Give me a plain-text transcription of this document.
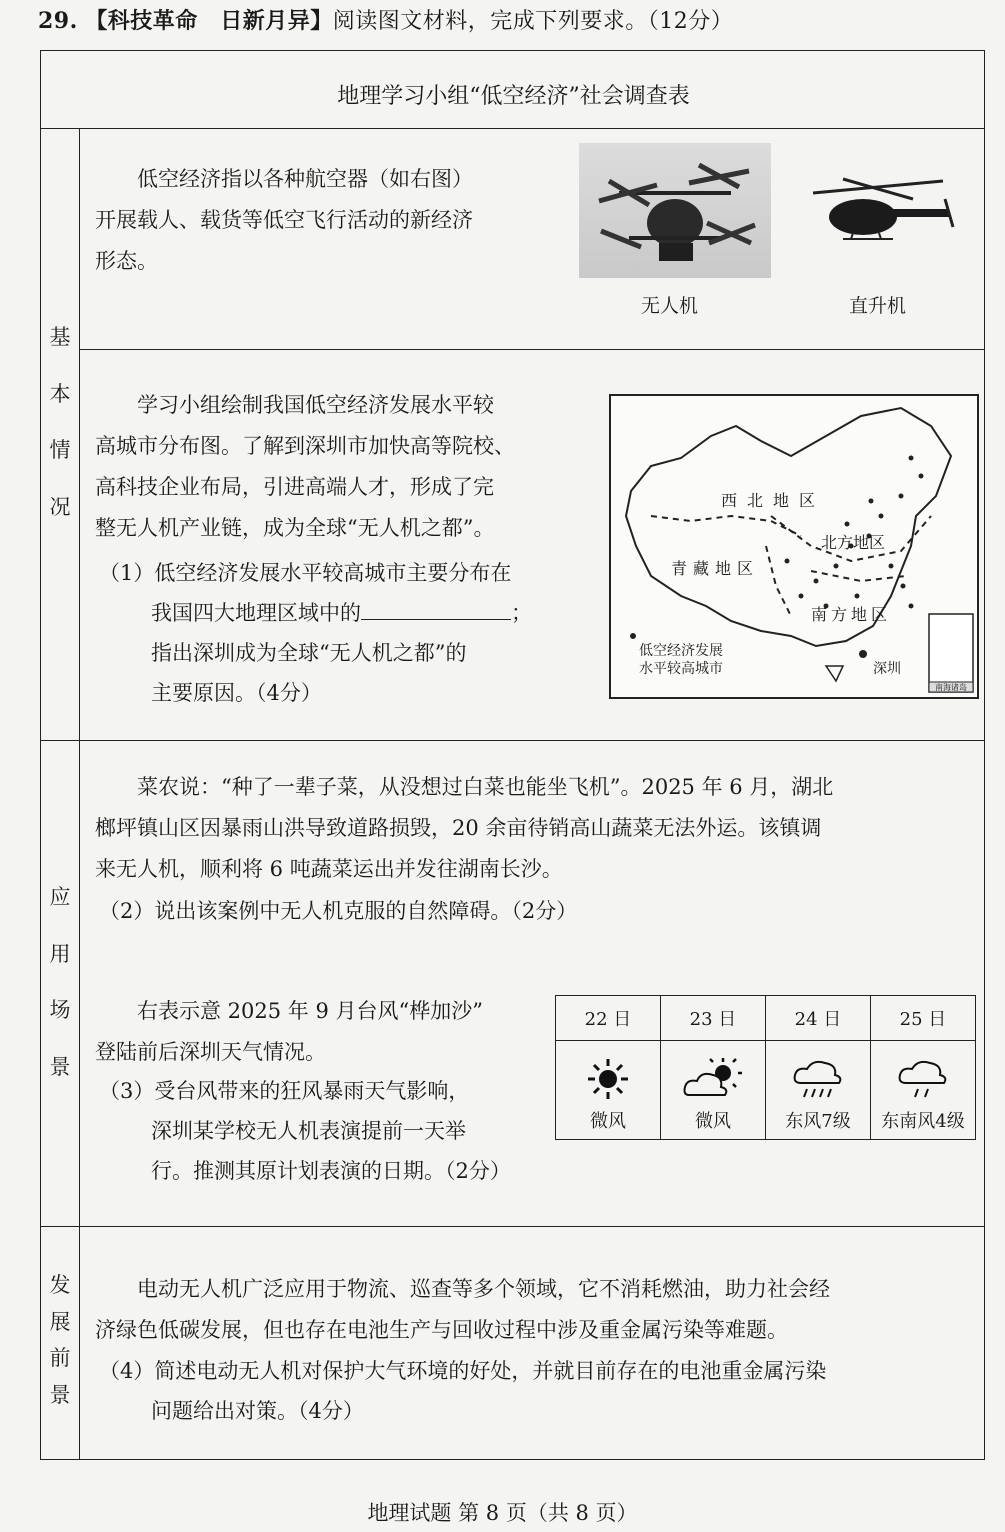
29. 【科技革命　日新月异】阅读图文材料，完成下列要求。（12分）
地理学习小组“低空经济”社会调查表
基
本
情
况
应
用
场
景
发
展
前
景
低空经济指以各种航空器（如右图）
开展载人、载货等低空飞行活动的新经济
形态。
无人机	直升机
学习小组绘制我国低空经济发展水平较
高城市分布图。了解到深圳市加快高等院校、
高科技企业布局，引进高端人才，形成了完
整无人机产业链，成为全球“无人机之都”。
（1）低空经济发展水平较高城市主要分布在
我国四大地理区域中的	；
指出深圳成为全球“无人机之都”的
主要原因。（4分）
西北地区
北方地区
青藏地区
南方地区
深圳
低空经济发展
水平较高城市
南海诸岛
菜农说：“种了一辈子菜，从没想过白菜也能坐飞机”。2025 年 6 月，湖北
榔坪镇山区因暴雨山洪导致道路损毁，20 余亩待销高山蔬菜无法外运。该镇调
来无人机，顺利将 6 吨蔬菜运出并发往湖南长沙。
（2）说出该案例中无人机克服的自然障碍。（2分）
右表示意 2025 年 9 月台风“桦加沙”
登陆前后深圳天气情况。
（3）受台风带来的狂风暴雨天气影响，
深圳某学校无人机表演提前一天举
行。推测其原计划表演的日期。（2分）
22 日	23 日	24 日	25 日

微风	微风	东风7级	东南风4级
电动无人机广泛应用于物流、巡查等多个领域，它不消耗燃油，助力社会经
济绿色低碳发展，但也存在电池生产与回收过程中涉及重金属污染等难题。
（4）简述电动无人机对保护大气环境的好处，并就目前存在的电池重金属污染
问题给出对策。（4分）
地理试题 第 8 页（共 8 页）
